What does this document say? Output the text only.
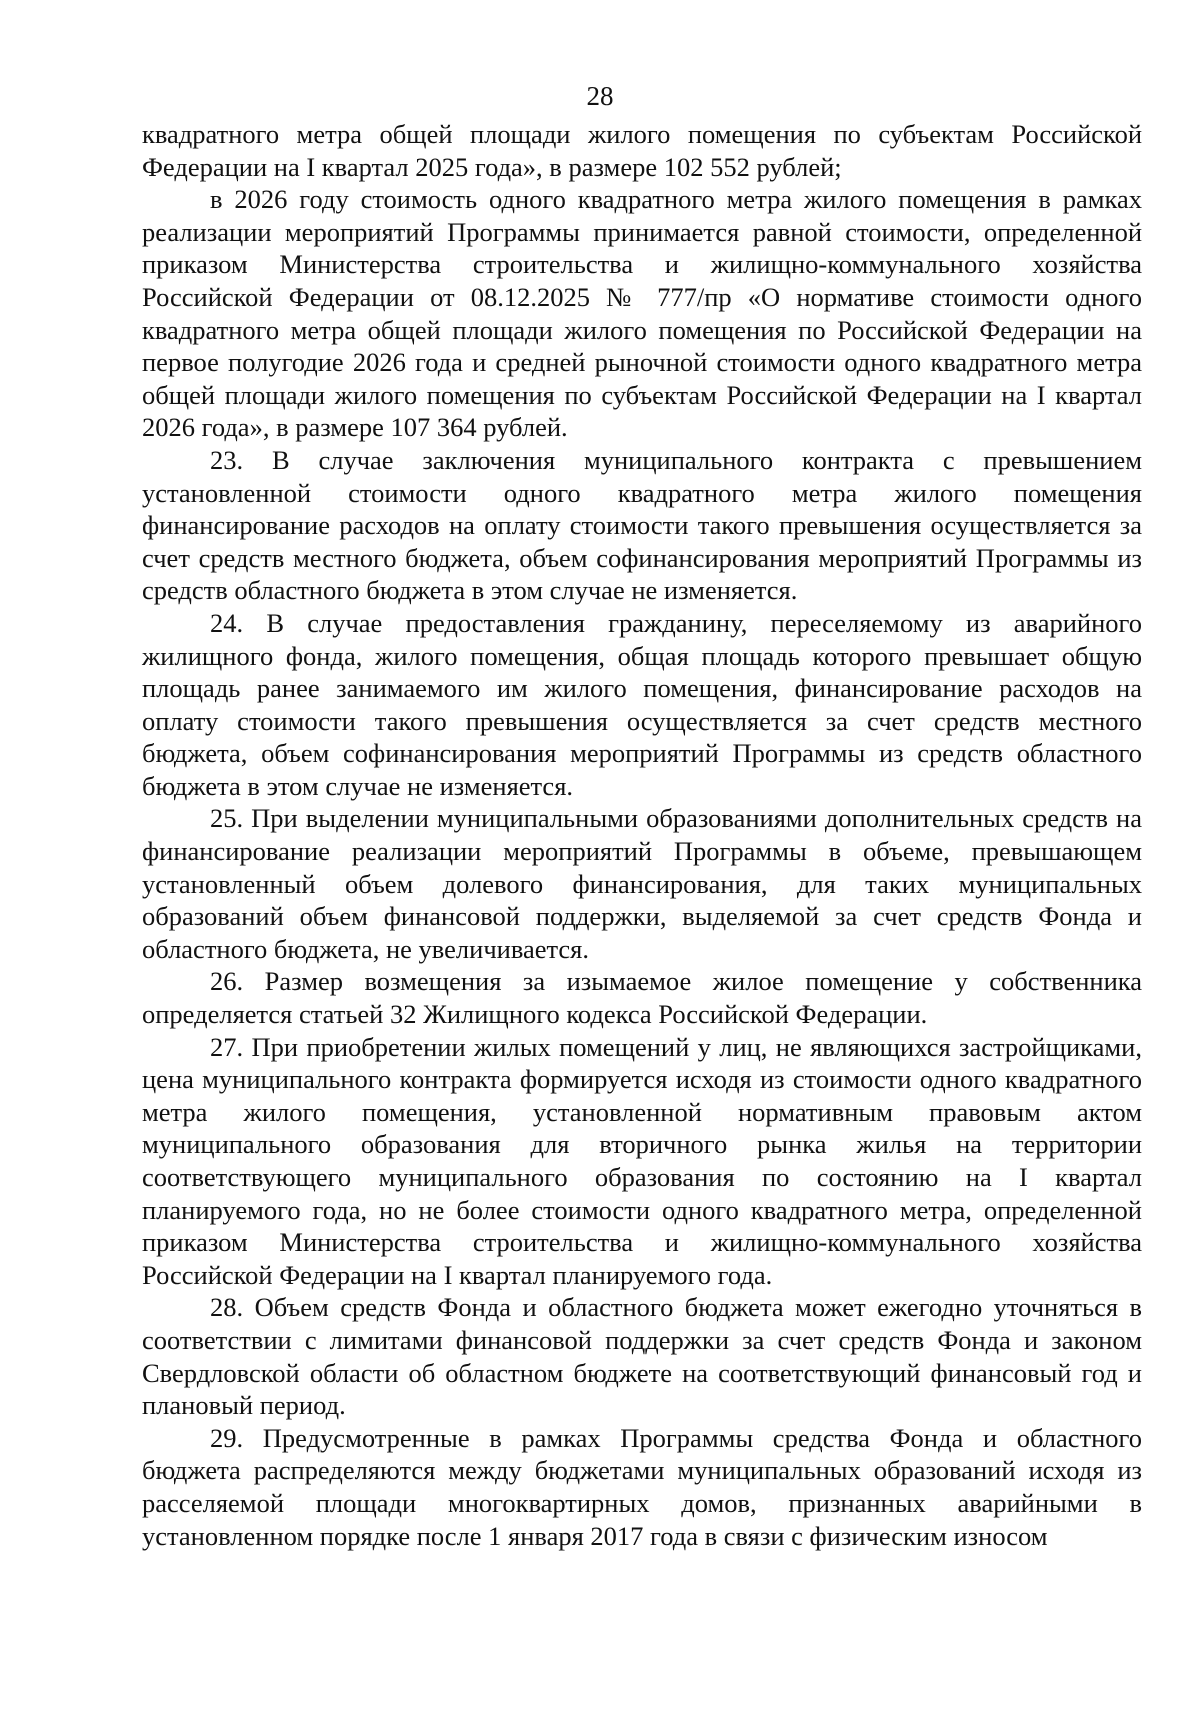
28

квадратного метра общей площади жилого помещения по субъектам Российской Федерации на I квартал 2025 года», в размере 102 552 рублей;

в 2026 году стоимость одного квадратного метра жилого помещения в рамках реализации мероприятий Программы принимается равной стоимости, определенной приказом Министерства строительства и жилищно-коммунального хозяйства Российской Федерации от 08.12.2025 № 777/пр «О нормативе стоимости одного квадратного метра общей площади жилого помещения по Российской Федерации на первое полугодие 2026 года и средней рыночной стоимости одного квадратного метра общей площади жилого помещения по субъектам Российской Федерации на I квартал 2026 года», в размере 107 364 рублей.

23. В случае заключения муниципального контракта с превышением установленной стоимости одного квадратного метра жилого помещения финансирование расходов на оплату стоимости такого превышения осуществляется за счет средств местного бюджета, объем софинансирования мероприятий Программы из средств областного бюджета в этом случае не изменяется.

24. В случае предоставления гражданину, переселяемому из аварийного жилищного фонда, жилого помещения, общая площадь которого превышает общую площадь ранее занимаемого им жилого помещения, финансирование расходов на оплату стоимости такого превышения осуществляется за счет средств местного бюджета, объем софинансирования мероприятий Программы из средств областного бюджета в этом случае не изменяется.

25. При выделении муниципальными образованиями дополнительных средств на финансирование реализации мероприятий Программы в объеме, превышающем установленный объем долевого финансирования, для таких муниципальных образований объем финансовой поддержки, выделяемой за счет средств Фонда и областного бюджета, не увеличивается.

26. Размер возмещения за изымаемое жилое помещение у собственника определяется статьей 32 Жилищного кодекса Российской Федерации.

27. При приобретении жилых помещений у лиц, не являющихся застройщиками, цена муниципального контракта формируется исходя из стоимости одного квадратного метра жилого помещения, установленной нормативным правовым актом муниципального образования для вторичного рынка жилья на территории соответствующего муниципального образования по состоянию на I квартал планируемого года, но не более стоимости одного квадратного метра, определенной приказом Министерства строительства и жилищно-коммунального хозяйства Российской Федерации на I квартал планируемого года.

28. Объем средств Фонда и областного бюджета может ежегодно уточняться в соответствии с лимитами финансовой поддержки за счет средств Фонда и законом Свердловской области об областном бюджете на соответствующий финансовый год и плановый период.

29. Предусмотренные в рамках Программы средства Фонда и областного бюджета распределяются между бюджетами муниципальных образований исходя из расселяемой площади многоквартирных домов, признанных аварийными в установленном порядке после 1 января 2017 года в связи с физическим износом
